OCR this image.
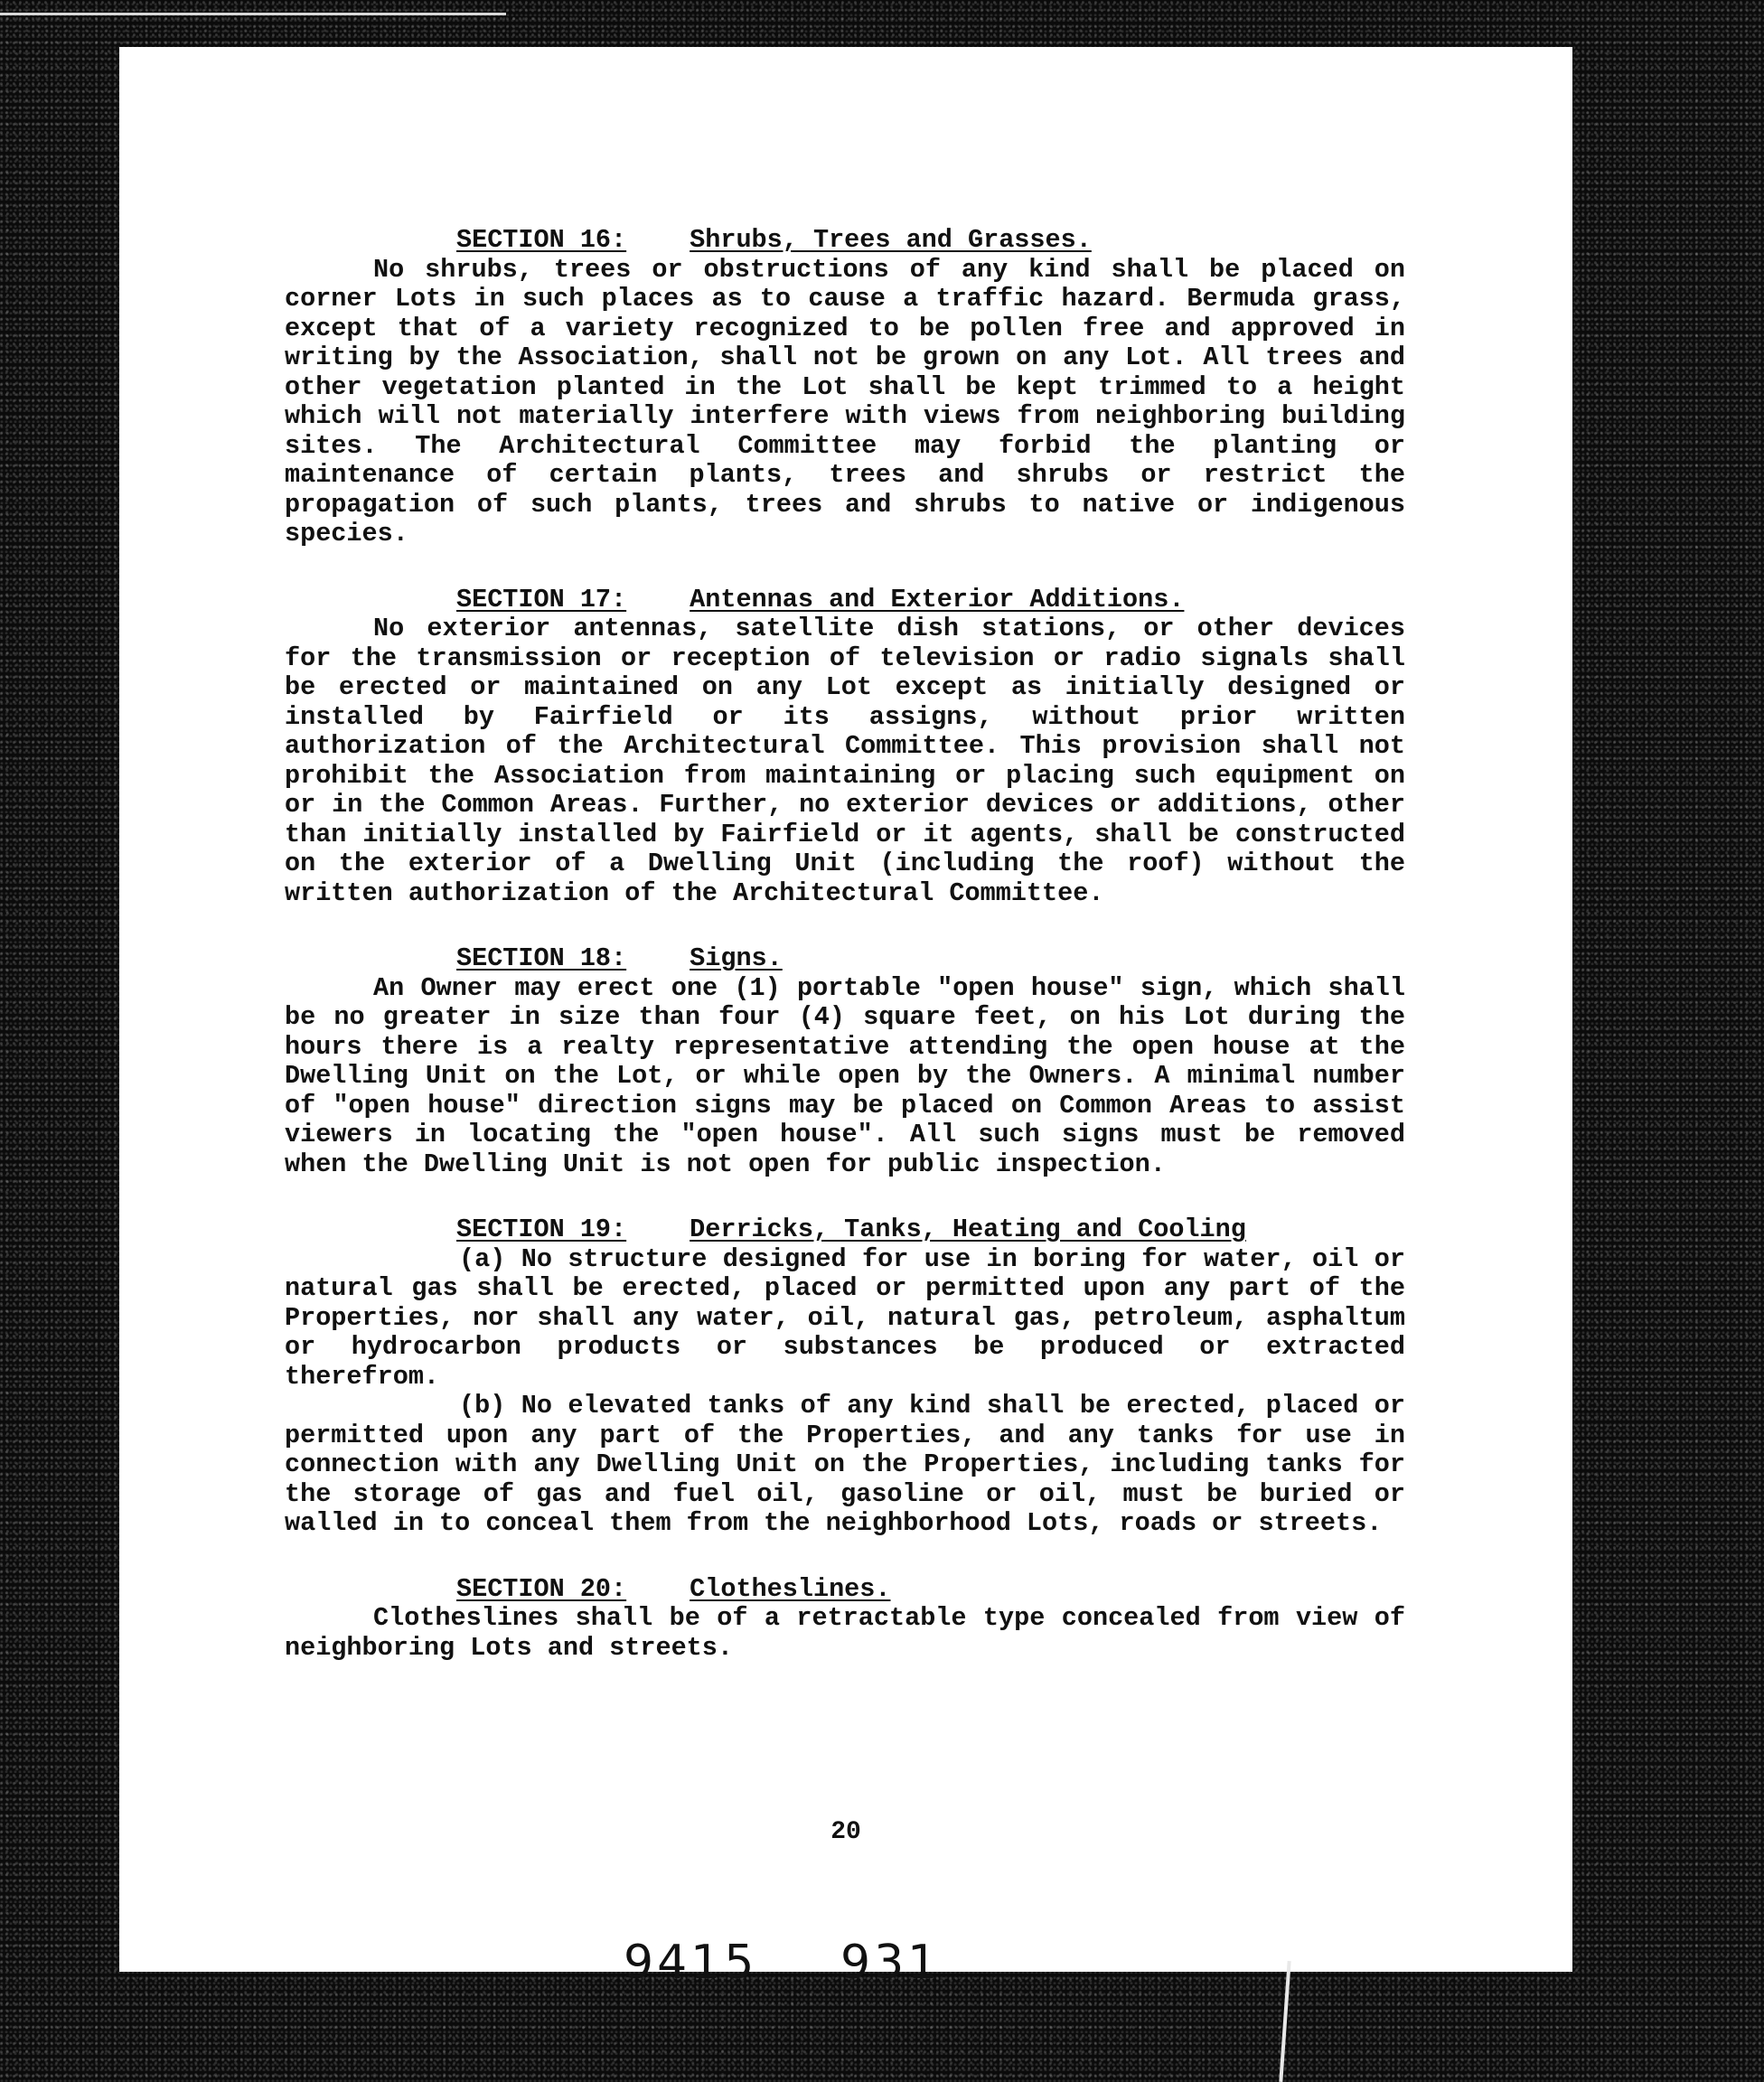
SECTION 16: Shrubs, Trees and Grasses.
No shrubs, trees or obstructions of any kind shall be placed on corner Lots in such places as to cause a traffic hazard. Bermuda grass, except that of a variety recognized to be pollen free and approved in writing by the Association, shall not be grown on any Lot. All trees and other vegetation planted in the Lot shall be kept trimmed to a height which will not materially interfere with views from neighboring building sites. The Architectural Committee may forbid the planting or maintenance of certain plants, trees and shrubs or restrict the propagation of such plants, trees and shrubs to native or indigenous species.
SECTION 17: Antennas and Exterior Additions.
No exterior antennas, satellite dish stations, or other devices for the transmission or reception of television or radio signals shall be erected or maintained on any Lot except as initially designed or installed by Fairfield or its assigns, without prior written authorization of the Architectural Committee. This provision shall not prohibit the Association from maintaining or placing such equipment on or in the Common Areas. Further, no exterior devices or additions, other than initially installed by Fairfield or it agents, shall be constructed on the exterior of a Dwelling Unit (including the roof) without the written authorization of the Architectural Committee.
SECTION 18: Signs.
An Owner may erect one (1) portable "open house" sign, which shall be no greater in size than four (4) square feet, on his Lot during the hours there is a realty representative attending the open house at the Dwelling Unit on the Lot, or while open by the Owners. A minimal number of "open house" direction signs may be placed on Common Areas to assist viewers in locating the "open house". All such signs must be removed when the Dwelling Unit is not open for public inspection.
SECTION 19: Derricks, Tanks, Heating and Cooling
(a) No structure designed for use in boring for water, oil or natural gas shall be erected, placed or permitted upon any part of the Properties, nor shall any water, oil, natural gas, petroleum, asphaltum or hydrocarbon products or substances be produced or extracted therefrom.
(b) No elevated tanks of any kind shall be erected, placed or permitted upon any part of the Properties, and any tanks for use in connection with any Dwelling Unit on the Properties, including tanks for the storage of gas and fuel oil, gasoline or oil, must be buried or walled in to conceal them from the neighborhood Lots, roads or streets.
SECTION 20: Clotheslines.
Clotheslines shall be of a retractable type concealed from view of neighboring Lots and streets.
20
9415 931
